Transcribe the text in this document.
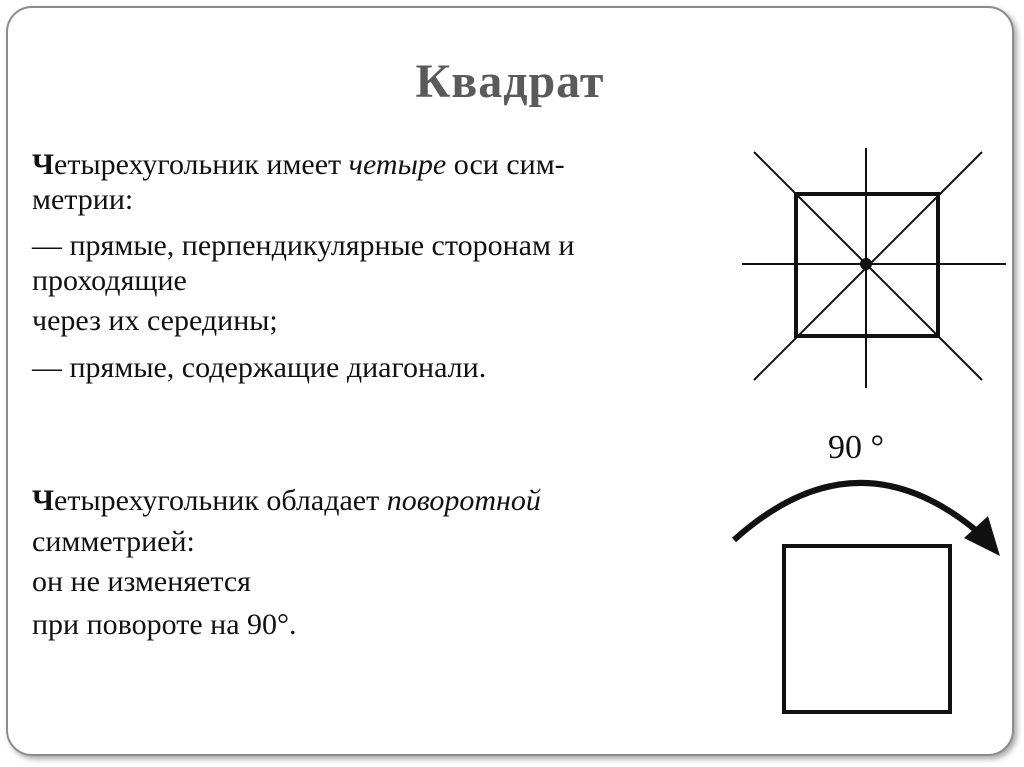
Квадрат
Четырехугольник имеет четыре оси сим-
метрии:
— прямые, перпендикулярные сторонам и
проходящие
через их середины;
— прямые, содержащие диагонали.
Четырехугольник обладает поворотной
симметрией:
он не изменяется
при повороте на 90°.
90 °
